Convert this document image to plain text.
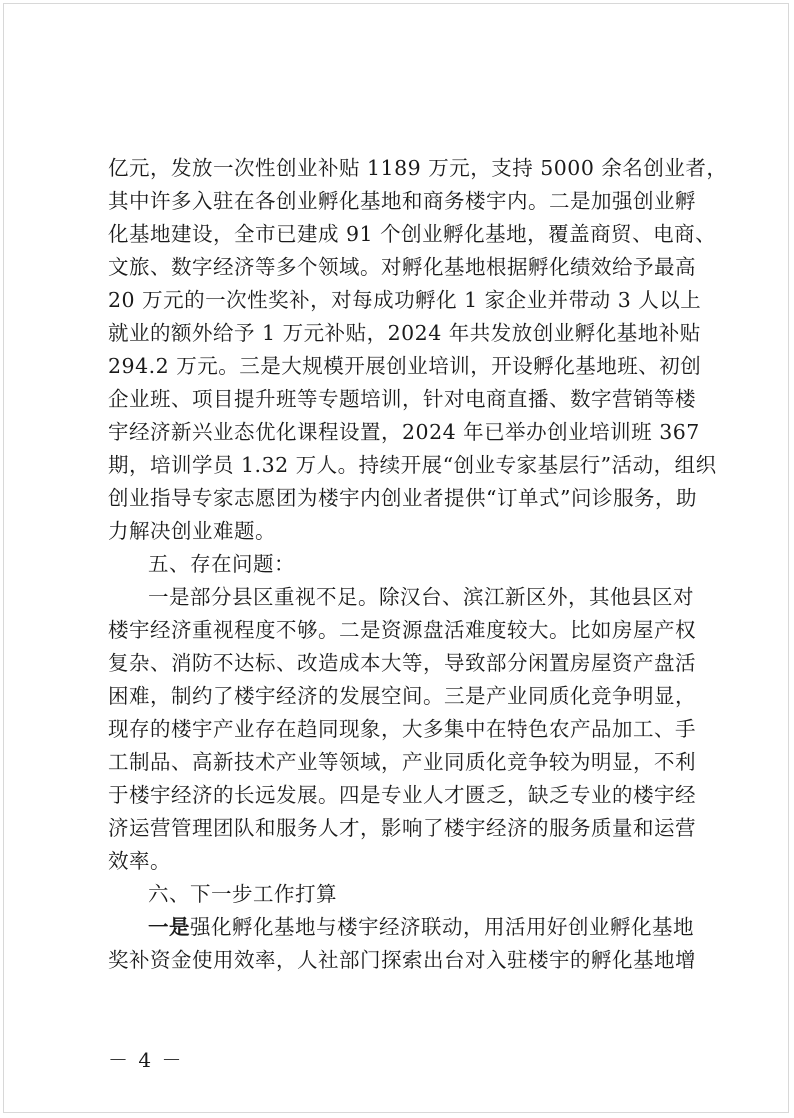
亿元，发放一次性创业补贴 1189 万元，支持 5000 余名创业者，
其中许多入驻在各创业孵化基地和商务楼宇内。二是加强创业孵
化基地建设，全市已建成 91 个创业孵化基地，覆盖商贸、电商、
文旅、数字经济等多个领域。对孵化基地根据孵化绩效给予最高
20 万元的一次性奖补，对每成功孵化 1 家企业并带动 3 人以上
就业的额外给予 1 万元补贴，2024 年共发放创业孵化基地补贴
294.2 万元。三是大规模开展创业培训，开设孵化基地班、初创
企业班、项目提升班等专题培训，针对电商直播、数字营销等楼
宇经济新兴业态优化课程设置，2024 年已举办创业培训班 367
期，培训学员 1.32 万人。持续开展“创业专家基层行”活动，组织
创业指导专家志愿团为楼宇内创业者提供“订单式”问诊服务，助
力解决创业难题。
五、存在问题：
一是部分县区重视不足。除汉台、滨江新区外，其他县区对
楼宇经济重视程度不够。二是资源盘活难度较大。比如房屋产权
复杂、消防不达标、改造成本大等，导致部分闲置房屋资产盘活
困难，制约了楼宇经济的发展空间。三是产业同质化竞争明显，
现存的楼宇产业存在趋同现象，大多集中在特色农产品加工、手
工制品、高新技术产业等领域，产业同质化竞争较为明显，不利
于楼宇经济的长远发展。四是专业人才匮乏，缺乏专业的楼宇经
济运营管理团队和服务人才，影响了楼宇经济的服务质量和运营
效率。
六、下一步工作打算
一是强化孵化基地与楼宇经济联动，用活用好创业孵化基地
奖补资金使用效率，人社部门探索出台对入驻楼宇的孵化基地增
－ 4 －
